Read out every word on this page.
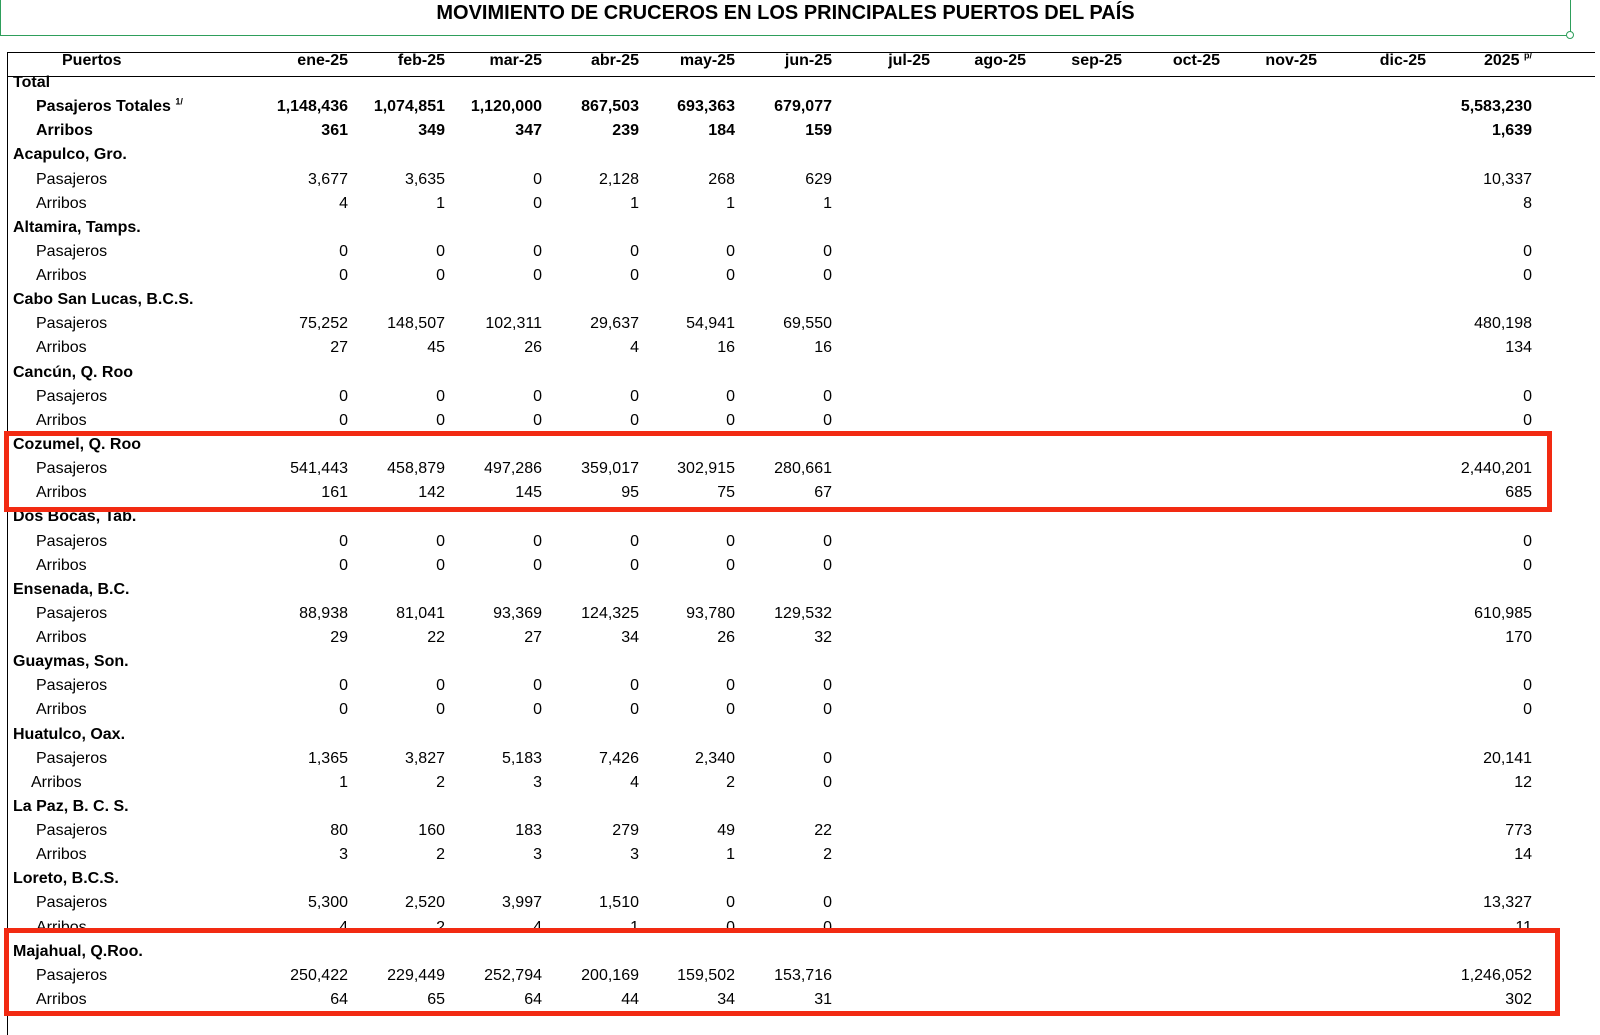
MOVIMIENTO DE CRUCEROS EN LOS PRINCIPALES PUERTOS DEL PAÍS
Puertos	ene-25	feb-25	mar-25	abr-25	may-25	jun-25	jul-25	ago-25	sep-25	oct-25	nov-25	dic-25	2025 $^{p/}$
Total
Pasajeros Totales $^{1/}$	1,148,436 1,074,851 1,120,000 867,503 693,363 679,077	5,583,230
Arribos	361	349	347	239	184	159	1,639
Acapulco, Gro.
Pasajeros	3,677	3,635	0	2,128	268	629	10,337
Arribos	4	1	0	1	1	1	8
Altamira, Tamps.
Pasajeros	0	0	0	0	0	0	0
Arribos	0	0	0	0	0	0	0
Cabo San Lucas, B.C.S.
Pasajeros	75,252 148,507	102,311	29,637	54,941	69,550	480,198
Arribos	27	45	26	4	16	16	134
Cancún, Q. Roo
Pasajeros	0	0	0	0	0	0	0
Arribos	0	0	0	0	0	0	0
Cozumel, Q. Roo
Pasajeros	541,443 458,879 497,286 359,017 302,915 280,661	2,440,201
Arribos	161	142	145	95	75	67	685
Dos Bocas, Tab.
Pasajeros	0	0	0	0	0	0	0
Arribos	0	0	0	0	0	0	0
Ensenada, B.C.
Pasajeros	88,938	81,041	93,369 124,325	93,780 129,532	610,985
Arribos	29	22	27	34	26	32	170
Guaymas, Son.
Pasajeros	0	0	0	0	0	0	0
Arribos	0	0	0	0	0	0	0
Huatulco, Oax.
Pasajeros	1,365	3,827	5,183	7,426	2,340	0	20,141
Arribos	1	2	3	4	2	0	12
La Paz, B. C. S.
Pasajeros	80	160	183	279	49	22	773
Arribos	3	2	3	3	1	2	14
Loreto, B.C.S.
Pasajeros	5,300	2,520	3,997	1,510	0	0	13,327
Arribos	4	2	4	1	0	0	11
Majahual, Q.Roo.
Pasajeros	250,422 229,449 252,794 200,169 159,502 153,716	1,246,052
Arribos	64	65	64	44	34	31	302
